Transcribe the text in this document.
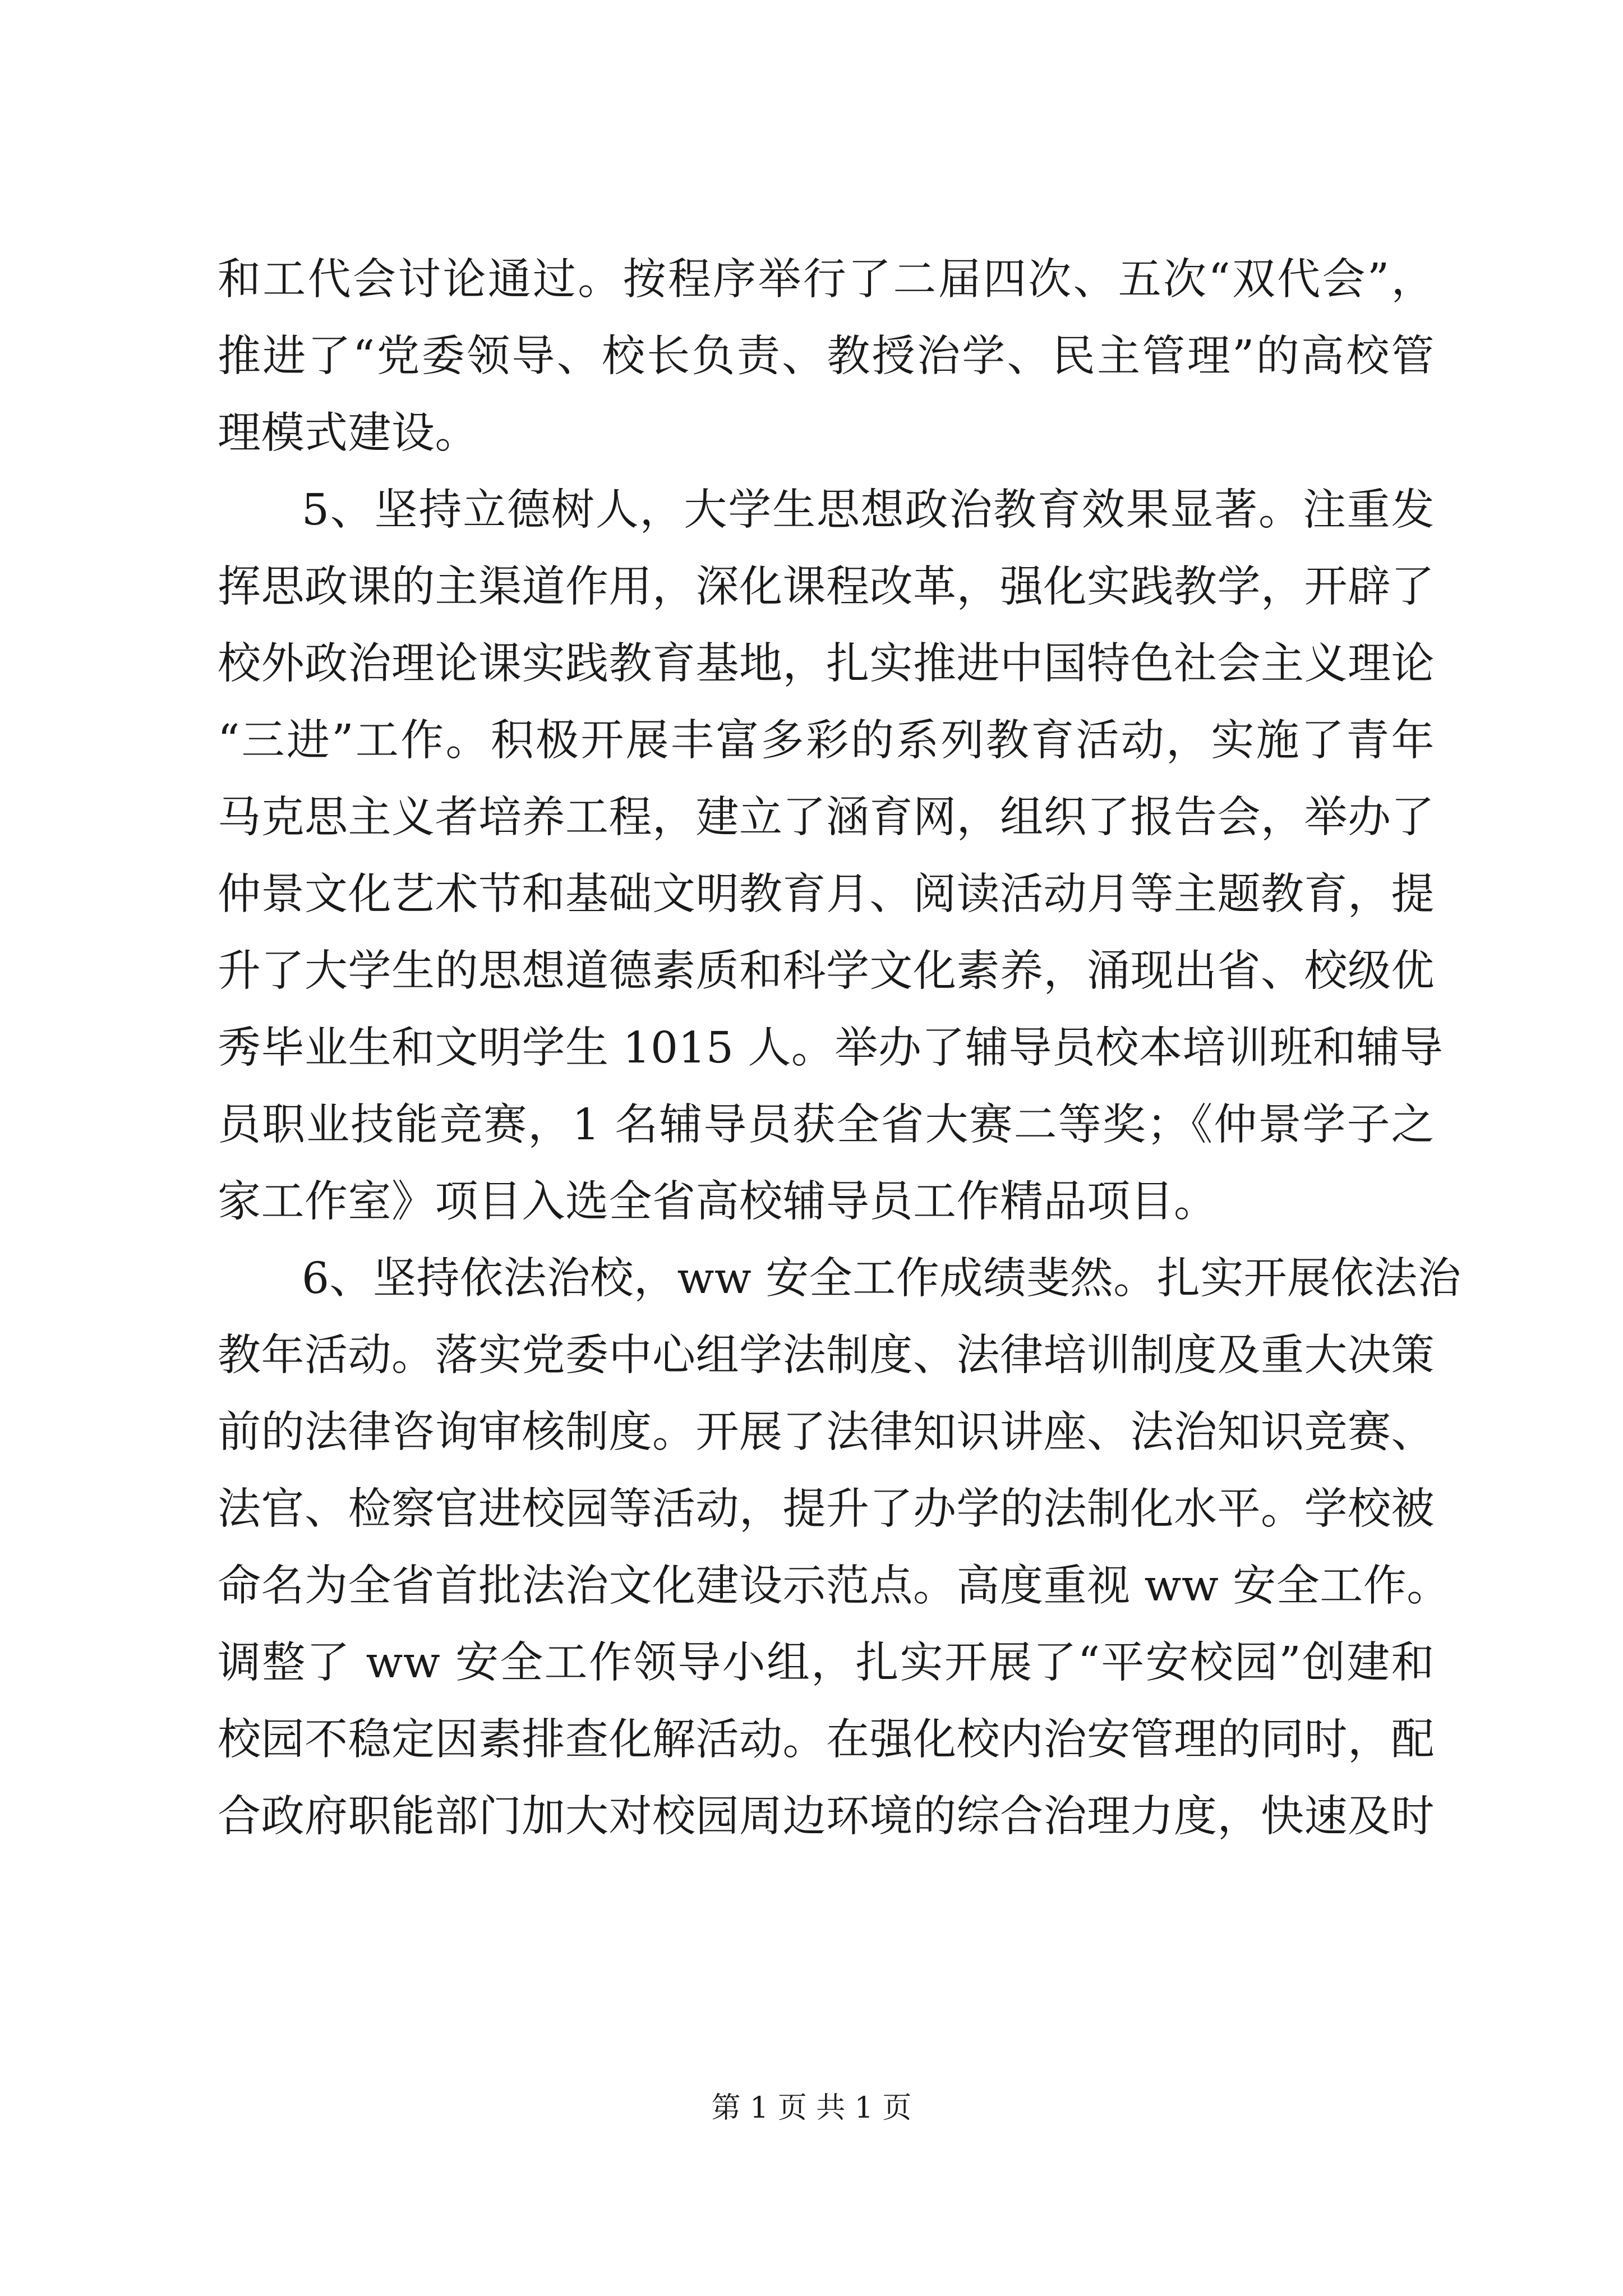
和工代会讨论通过。按程序举行了二届四次、五次“双代会”，
推进了“党委领导、校长负责、教授治学、民主管理”的高校管
理模式建设。
5、坚持立德树人，大学生思想政治教育效果显著。注重发
挥思政课的主渠道作用，深化课程改革，强化实践教学，开辟了
校外政治理论课实践教育基地，扎实推进中国特色社会主义理论
“三进”工作。积极开展丰富多彩的系列教育活动，实施了青年
马克思主义者培养工程，建立了涵育网，组织了报告会，举办了
仲景文化艺术节和基础文明教育月、阅读活动月等主题教育，提
升了大学生的思想道德素质和科学文化素养，涌现出省、校级优
秀毕业生和文明学生 1015 人。举办了辅导员校本培训班和辅导
员职业技能竞赛，1 名辅导员获全省大赛二等奖；《仲景学子之
家工作室》项目入选全省高校辅导员工作精品项目。
6、坚持依法治校，ww 安全工作成绩斐然。扎实开展依法治
教年活动。落实党委中心组学法制度、法律培训制度及重大决策
前的法律咨询审核制度。开展了法律知识讲座、法治知识竞赛、
法官、检察官进校园等活动，提升了办学的法制化水平。学校被
命名为全省首批法治文化建设示范点。高度重视 ww 安全工作。
调整了 ww 安全工作领导小组，扎实开展了“平安校园”创建和
校园不稳定因素排查化解活动。在强化校内治安管理的同时，配
合政府职能部门加大对校园周边环境的综合治理力度，快速及时
第 1 页 共 1 页
